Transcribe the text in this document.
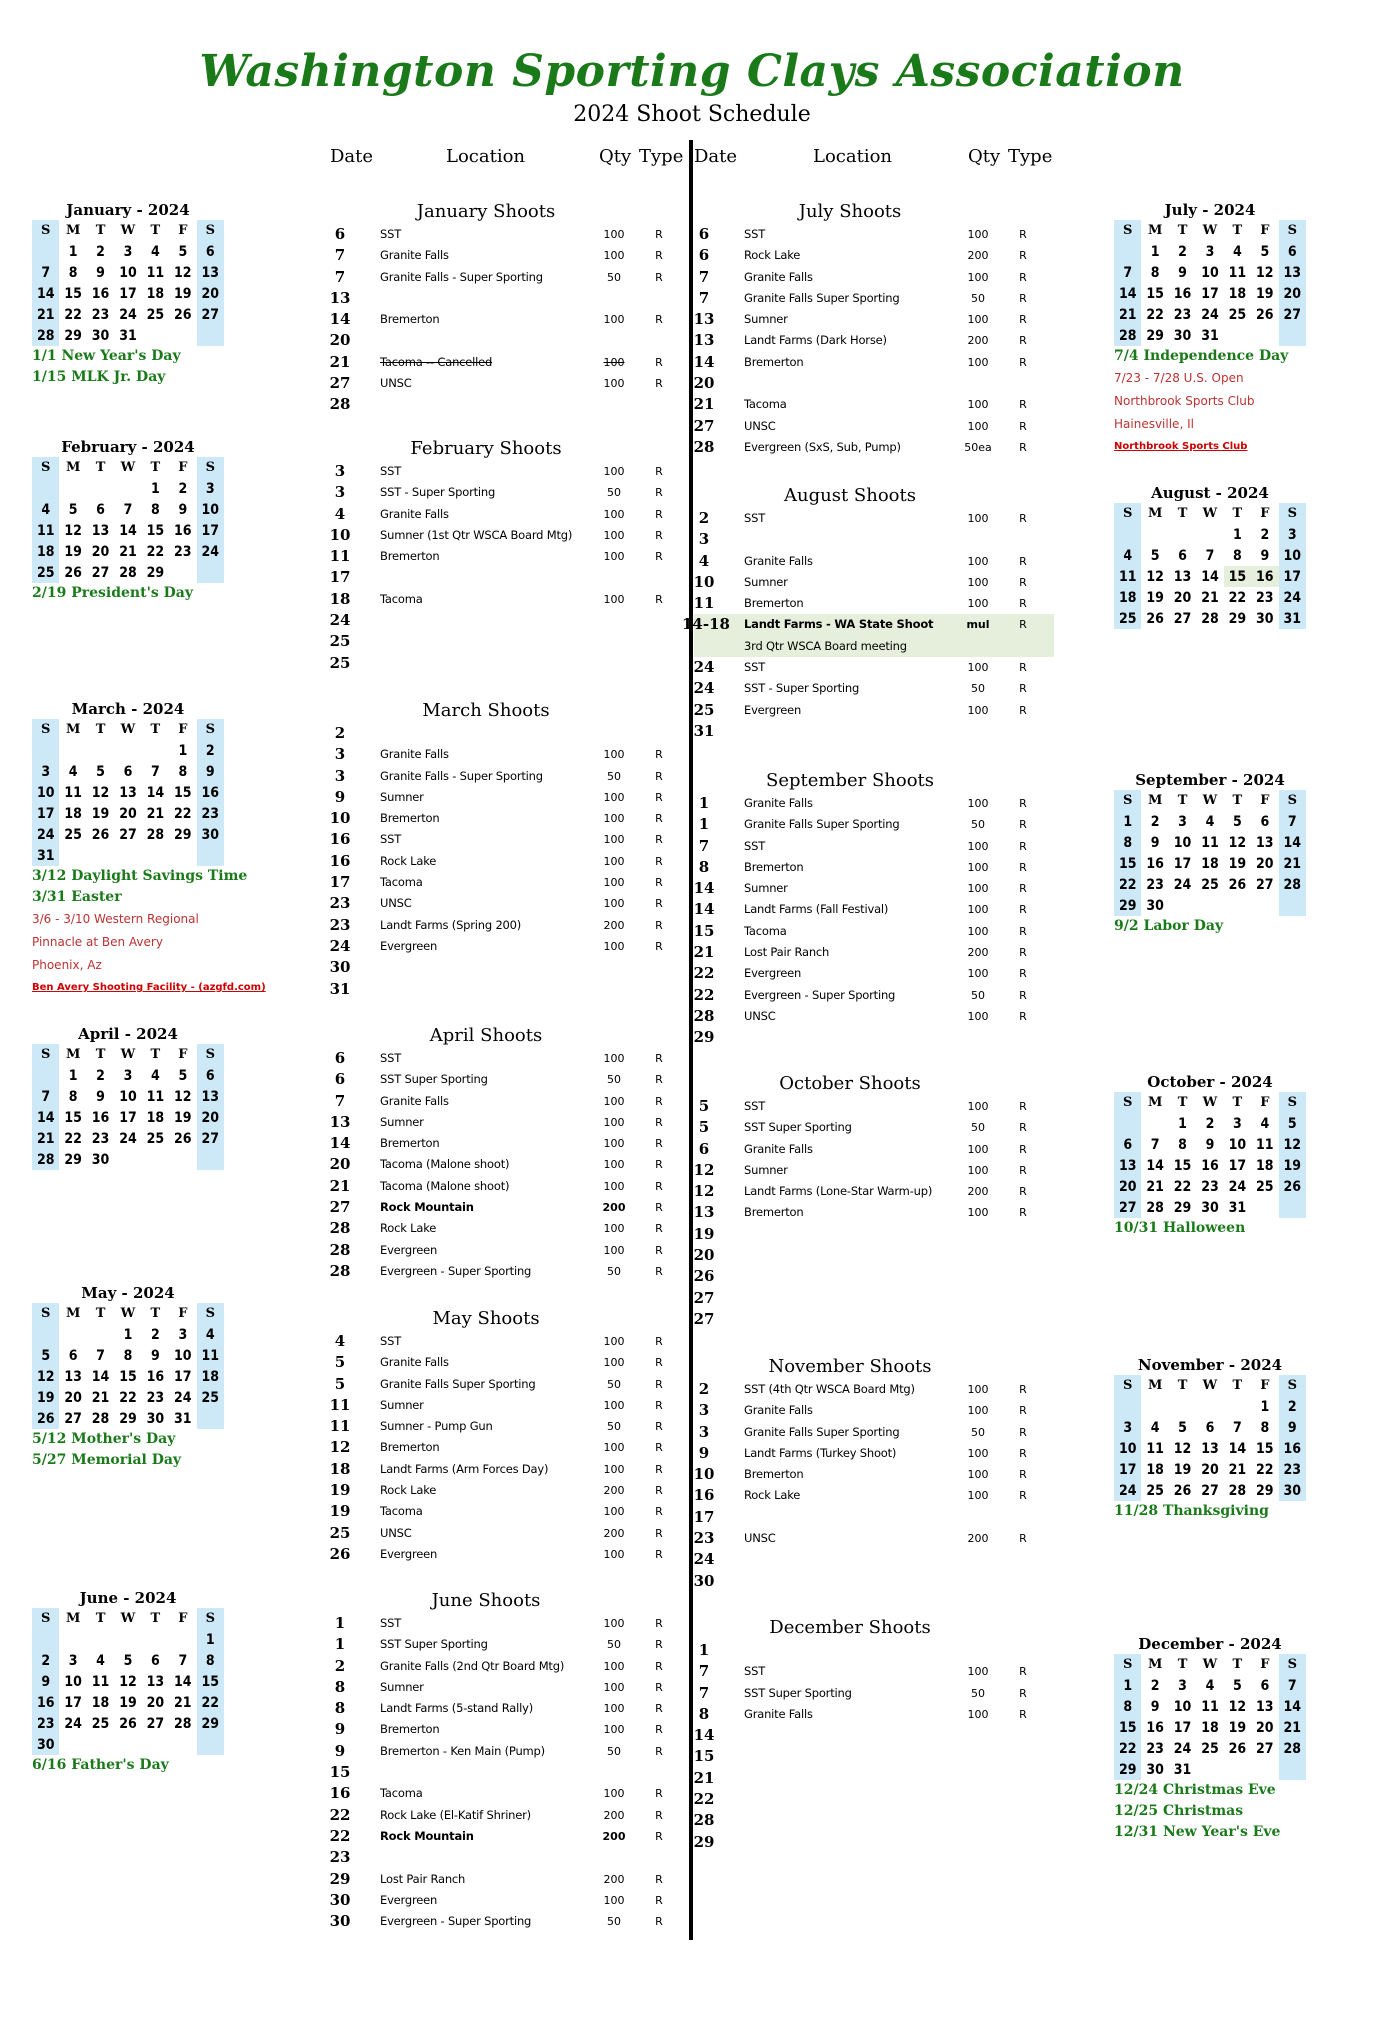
Washington Sporting Clays Association
2024 Shoot Schedule
Date	Location	Qty Type Date	Location	Qty Type
January - 2024
S	M	T	W	T	F	S
	1	2	3	4	5	6
7	8	9	10	11	12	13
14	15	16	17	18	19	20
21	22	23	24	25	26	27
28	29	30	31			
1/1 New Year's Day
1/15 MLK Jr. Day
February - 2024
S	M	T	W	T	F	S
				1	2	3
4	5	6	7	8	9	10
11	12	13	14	15	16	17
18	19	20	21	22	23	24
25	26	27	28	29		
2/19 President's Day
March - 2024
S	M	T	W	T	F	S
					1	2
3	4	5	6	7	8	9
10	11	12	13	14	15	16
17	18	19	20	21	22	23
24	25	26	27	28	29	30
31						
3/12 Daylight Savings Time
3/31 Easter
3/6 - 3/10 Western Regional
Pinnacle at Ben Avery
Phoenix, Az
Ben Avery Shooting Facility - (azgfd.com)
April - 2024
S	M	T	W	T	F	S
	1	2	3	4	5	6
7	8	9	10	11	12	13
14	15	16	17	18	19	20
21	22	23	24	25	26	27
28	29	30				
May - 2024
S	M	T	W	T	F	S
			1	2	3	4
5	6	7	8	9	10	11
12	13	14	15	16	17	18
19	20	21	22	23	24	25
26	27	28	29	30	31	
5/12 Mother's Day
5/27 Memorial Day
June - 2024
S	M	T	W	T	F	S
						1
2	3	4	5	6	7	8
9	10	11	12	13	14	15
16	17	18	19	20	21	22
23	24	25	26	27	28	29
30						
6/16 Father's Day
July - 2024
S	M	T	W	T	F	S
	1	2	3	4	5	6
7	8	9	10	11	12	13
14	15	16	17	18	19	20
21	22	23	24	25	26	27
28	29	30	31			
7/4 Independence Day
7/23 - 7/28 U.S. Open
Northbrook Sports Club
Hainesville, Il
Northbrook Sports Club
August - 2024
S	M	T	W	T	F	S
				1	2	3
4	5	6	7	8	9	10
11	12	13	14	15	16	17
18	19	20	21	22	23	24
25	26	27	28	29	30	31
September - 2024
S	M	T	W	T	F	S
1	2	3	4	5	6	7
8	9	10	11	12	13	14
15	16	17	18	19	20	21
22	23	24	25	26	27	28
29	30					
9/2 Labor Day
October - 2024
S	M	T	W	T	F	S
		1	2	3	4	5
6	7	8	9	10	11	12
13	14	15	16	17	18	19
20	21	22	23	24	25	26
27	28	29	30	31		
10/31 Halloween
November - 2024
S	M	T	W	T	F	S
					1	2
3	4	5	6	7	8	9
10	11	12	13	14	15	16
17	18	19	20	21	22	23
24	25	26	27	28	29	30
11/28 Thanksgiving
December - 2024
S	M	T	W	T	F	S
1	2	3	4	5	6	7
8	9	10	11	12	13	14
15	16	17	18	19	20	21
22	23	24	25	26	27	28
29	30	31				
12/24 Christmas Eve
12/25 Christmas
12/31 New Year's Eve
January Shoots
6	SST	100	R
7	Granite Falls	100	R
7	Granite Falls - Super Sporting	50	R
13
14	Bremerton	100	R
20
21	Tacoma -- Cancelled	100	R
27	UNSC	100	R
28
February Shoots
3	SST	100	R
3	SST - Super Sporting	50	R
4	Granite Falls	100	R
10	Sumner (1st Qtr WSCA Board Mtg)	100	R
11	Bremerton	100	R
17
18	Tacoma	100	R
24
25
25
March Shoots
2
3	Granite Falls	100	R
3	Granite Falls - Super Sporting	50	R
9	Sumner	100	R
10	Bremerton	100	R
16	SST	100	R
16	Rock Lake	100	R
17	Tacoma	100	R
23	UNSC	100	R
23	Landt Farms (Spring 200)	200	R
24	Evergreen	100	R
30
31
April Shoots
6	SST	100	R
6	SST Super Sporting	50	R
7	Granite Falls	100	R
13	Sumner	100	R
14	Bremerton	100	R
20	Tacoma (Malone shoot)	100	R
21	Tacoma (Malone shoot)	100	R
27	Rock Mountain	200	R
28	Rock Lake	100	R
28	Evergreen	100	R
28	Evergreen - Super Sporting	50	R
May Shoots
4	SST	100	R
5	Granite Falls	100	R
5	Granite Falls Super Sporting	50	R
11	Sumner	100	R
11	Sumner - Pump Gun	50	R
12	Bremerton	100	R
18	Landt Farms (Arm Forces Day)	100	R
19	Rock Lake	200	R
19	Tacoma	100	R
25	UNSC	200	R
26	Evergreen	100	R
June Shoots
1	SST	100	R
1	SST Super Sporting	50	R
2	Granite Falls (2nd Qtr Board Mtg)	100	R
8	Sumner	100	R
8	Landt Farms (5-stand Rally)	100	R
9	Bremerton	100	R
9	Bremerton - Ken Main (Pump)	50	R
15
16	Tacoma	100	R
22	Rock Lake (El-Katif Shriner)	200	R
22	Rock Mountain	200	R
23
29	Lost Pair Ranch	200	R
30	Evergreen	100	R
30	Evergreen - Super Sporting	50	R
July Shoots
6	SST	100	R
6	Rock Lake	200	R
7	Granite Falls	100	R
7	Granite Falls Super Sporting	50	R
13	Sumner	100	R
13	Landt Farms (Dark Horse)	200	R
14	Bremerton	100	R
20
21	Tacoma	100	R
27	UNSC	100	R
28	Evergreen (SxS, Sub, Pump)	50ea	R
August Shoots
2	SST	100	R
3
4	Granite Falls	100	R
10	Sumner	100	R
11	Bremerton	100	R
14-18 Landt Farms - WA State Shoot	mul	R
3rd Qtr WSCA Board meeting
24	SST	100	R
24	SST - Super Sporting	50	R
25	Evergreen	100	R
31
September Shoots
1	Granite Falls	100	R
1	Granite Falls Super Sporting	50	R
7	SST	100	R
8	Bremerton	100	R
14	Sumner	100	R
14	Landt Farms (Fall Festival)	100	R
15	Tacoma	100	R
21	Lost Pair Ranch	200	R
22	Evergreen	100	R
22	Evergreen - Super Sporting	50	R
28	UNSC	100	R
29
October Shoots
5	SST	100	R
5	SST Super Sporting	50	R
6	Granite Falls	100	R
12	Sumner	100	R
12	Landt Farms (Lone-Star Warm-up)	200	R
13	Bremerton	100	R
19
20
26
27
27
November Shoots
2	SST (4th Qtr WSCA Board Mtg)	100	R
3	Granite Falls	100	R
3	Granite Falls Super Sporting	50	R
9	Landt Farms (Turkey Shoot)	100	R
10	Bremerton	100	R
16	Rock Lake	100	R
17
23	UNSC	200	R
24
30
December Shoots
1
7	SST	100	R
7	SST Super Sporting	50	R
8	Granite Falls	100	R
14
15
21
22
28
29
